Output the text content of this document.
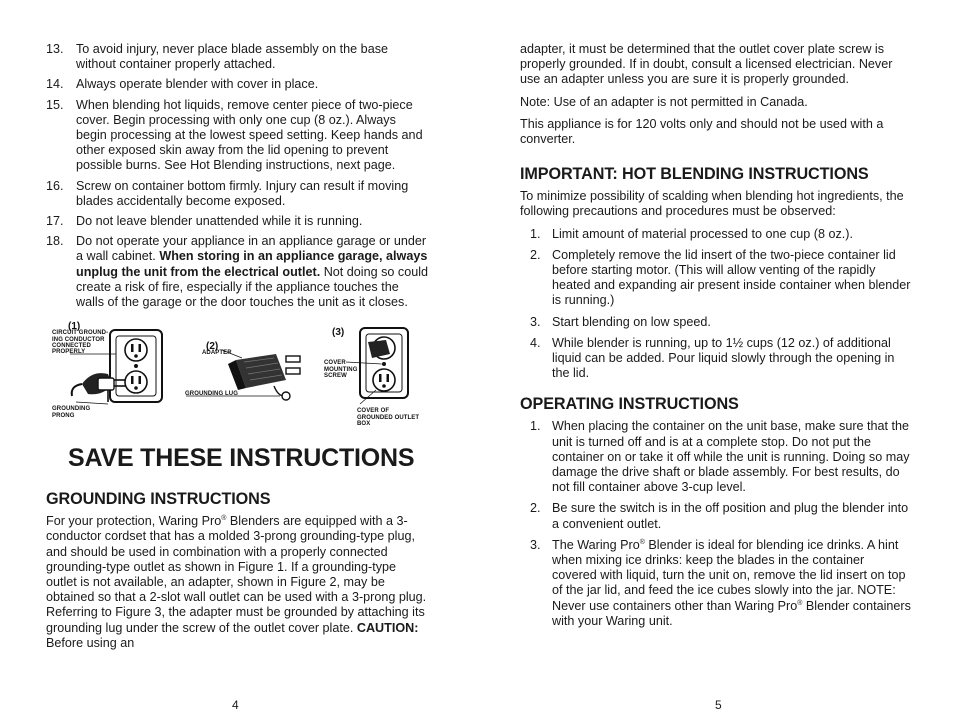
13. To avoid injury, never place blade assembly on the base without container properly attached.
14. Always operate blender with cover in place.
15. When blending hot liquids, remove center piece of two-piece cover. Begin processing with only one cup (8 oz.). Always begin processing at the lowest speed setting. Keep hands and other exposed skin away from the lid opening to prevent possible burns. See Hot Blending instructions, next page.
16. Screw on container bottom firmly. Injury can result if moving blades accidentally become exposed.
17. Do not leave blender unattended while it is running.
18. Do not operate your appliance in an appliance garage or under a wall cabinet. When storing in an appliance garage, always unplug the unit from the electrical outlet. Not doing so could create a risk of fire, especially if the appliance touches the walls of the garage or the door touches the unit as it closes.
(1)
CIRCUIT GROUND-ING CONDUCTOR CONNECTED PROPERLY
GROUNDING PRONG
(2)
ADAPTER
GROUNDING LUG
(3)
COVER MOUNTING SCREW
COVER OF GROUNDED OUTLET BOX
SAVE THESE INSTRUCTIONS
GROUNDING INSTRUCTIONS

For your protection, Waring Pro® Blenders are equipped with a 3-conductor cordset that has a molded 3-prong grounding-type plug, and should be used in combination with a properly connected grounding-type outlet as shown in Figure 1. If a grounding-type outlet is not available, an adapter, shown in Figure 2, may be obtained so that a 2-slot wall outlet can be used with a 3-prong plug. Referring to Figure 3, the adapter must be grounded by attaching its grounding lug under the screw of the outlet cover plate. CAUTION: Before using an

4

adapter, it must be determined that the outlet cover plate screw is properly grounded. If in doubt, consult a licensed electrician. Never use an adapter unless you are sure it is properly grounded.

Note: Use of an adapter is not permitted in Canada.

This appliance is for 120 volts only and should not be used with a converter.

IMPORTANT: HOT BLENDING INSTRUCTIONS

To minimize possibility of scalding when blending hot ingredients, the following precautions and procedures must be observed:

1. Limit amount of material processed to one cup (8 oz.).
2. Completely remove the lid insert of the two-piece container lid before starting motor. (This will allow venting of the rapidly heated and expanding air present inside container when blender is running.)
3. Start blending on low speed.
4. While blender is running, up to 1½ cups (12 oz.) of additional liquid can be added. Pour liquid slowly through the opening in the lid.
OPERATING INSTRUCTIONS
1. When placing the container on the unit base, make sure that the unit is turned off and is at a complete stop. Do not put the container on or take it off while the unit is running. Doing so may damage the drive shaft or blade assembly. For best results, do not fill container above 3-cup level.
2. Be sure the switch is in the off position and plug the blender into a convenient outlet.
3. The Waring Pro® Blender is ideal for blending ice drinks. A hint when mixing ice drinks: keep the blades in the container covered with liquid, turn the unit on, remove the lid insert on top of the jar lid, and feed the ice cubes slowly into the jar. NOTE: Never use containers other than Waring Pro® Blender containers with your Waring unit.
5
